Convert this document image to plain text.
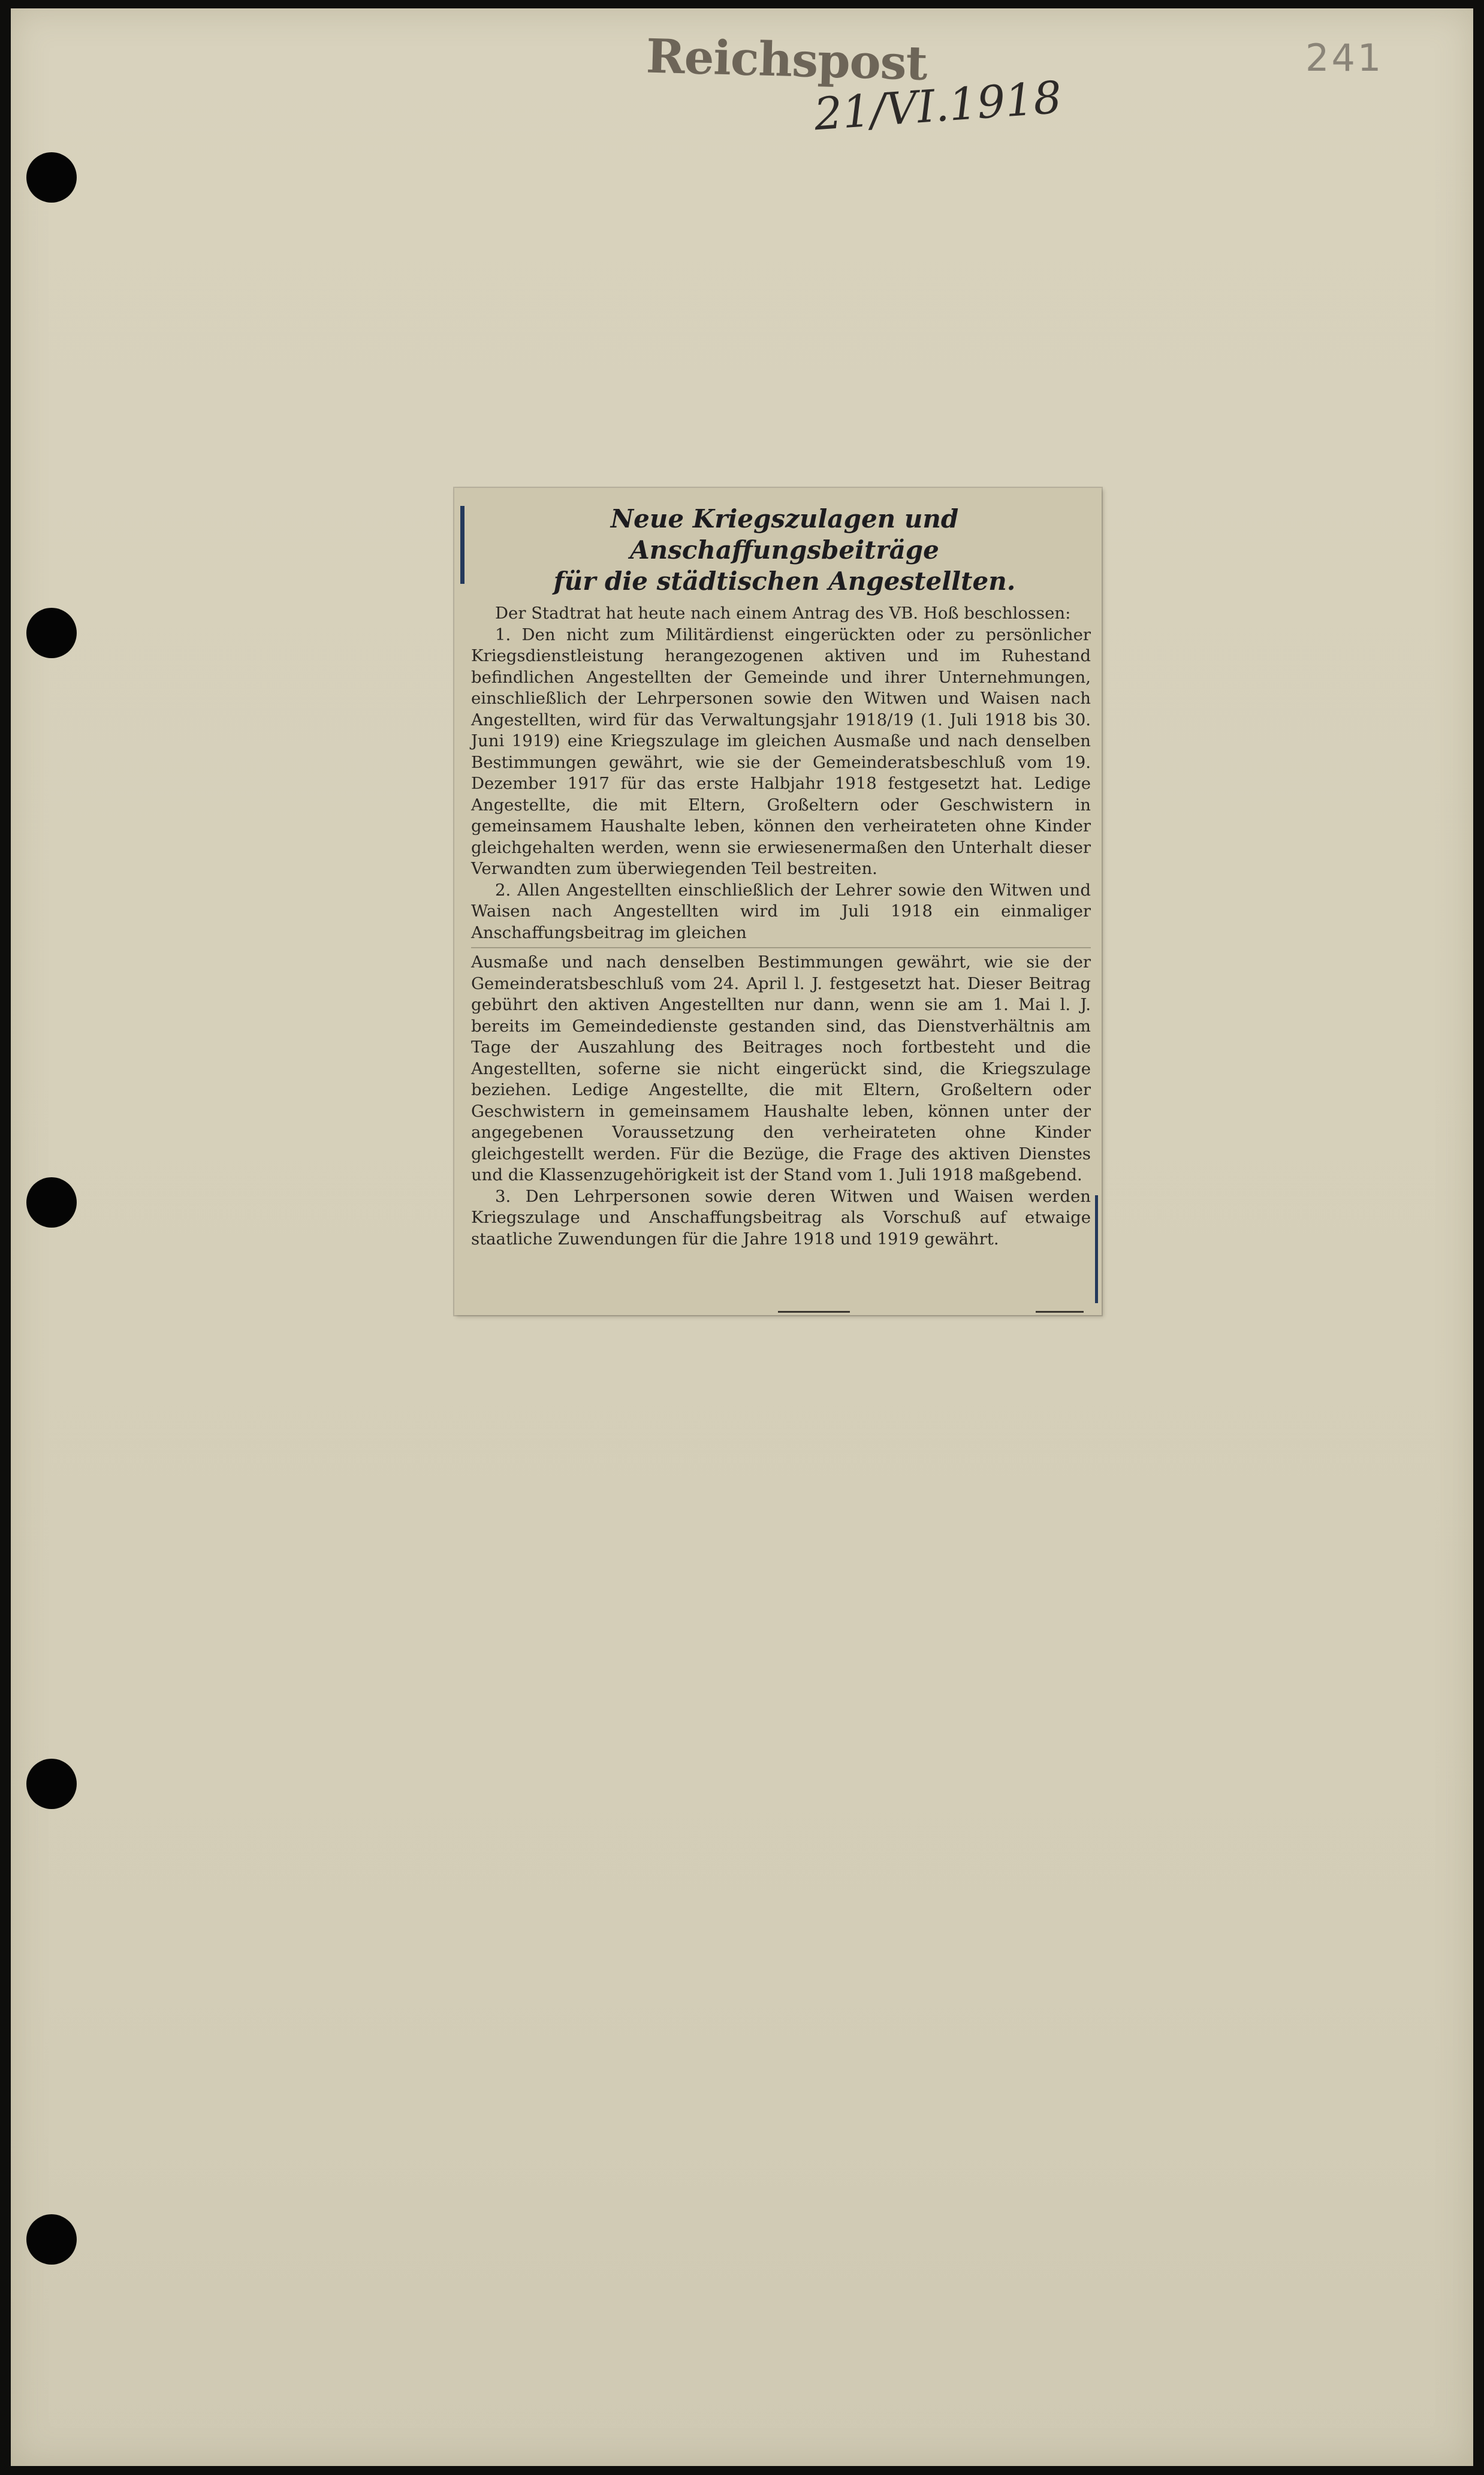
Reichspost
21/VI.1918
241
Neue Kriegszulagen und Anschaffungsbeiträge
für die städtischen Angestellten.

Der Stadtrat hat heute nach einem Antrag des VB. Hoß beschlossen:

1. Den nicht zum Militärdienst eingerückten oder zu persönlicher Kriegsdienstleistung herangezogenen aktiven und im Ruhestand befindlichen Angestellten der Gemeinde und ihrer Unternehmungen, einschließlich der Lehrpersonen sowie den Witwen und Waisen nach Angestellten, wird für das Verwaltungsjahr 1918/19 (1. Juli 1918 bis 30. Juni 1919) eine Kriegszulage im gleichen Ausmaße und nach denselben Bestimmungen gewährt, wie sie der Gemeinderatsbeschluß vom 19. Dezember 1917 für das erste Halbjahr 1918 festgesetzt hat. Ledige Angestellte, die mit Eltern, Großeltern oder Geschwistern in gemeinsamem Haushalte leben, können den verheirateten ohne Kinder gleichgehalten werden, wenn sie erwiesenermaßen den Unterhalt dieser Verwandten zum überwiegenden Teil bestreiten.

2. Allen Angestellten einschließlich der Lehrer sowie den Witwen und Waisen nach Angestellten wird im Juli 1918 ein einmaliger Anschaffungsbeitrag im gleichen

Ausmaße und nach denselben Bestimmungen gewährt, wie sie der Gemeinderatsbeschluß vom 24. April l. J. festgesetzt hat. Dieser Beitrag gebührt den aktiven Angestellten nur dann, wenn sie am 1. Mai l. J. bereits im Gemeindedienste gestanden sind, das Dienstverhältnis am Tage der Auszahlung des Beitrages noch fortbesteht und die Angestellten, soferne sie nicht eingerückt sind, die Kriegszulage beziehen. Ledige Angestellte, die mit Eltern, Großeltern oder Geschwistern in gemeinsamem Haushalte leben, können unter der angegebenen Voraussetzung den verheirateten ohne Kinder gleichgestellt werden. Für die Bezüge, die Frage des aktiven Dienstes und die Klassenzugehörigkeit ist der Stand vom 1. Juli 1918 maßgebend.

3. Den Lehrpersonen sowie deren Witwen und Waisen werden Kriegszulage und Anschaffungsbeitrag als Vorschuß auf etwaige staatliche Zuwendungen für die Jahre 1918 und 1919 gewährt.
